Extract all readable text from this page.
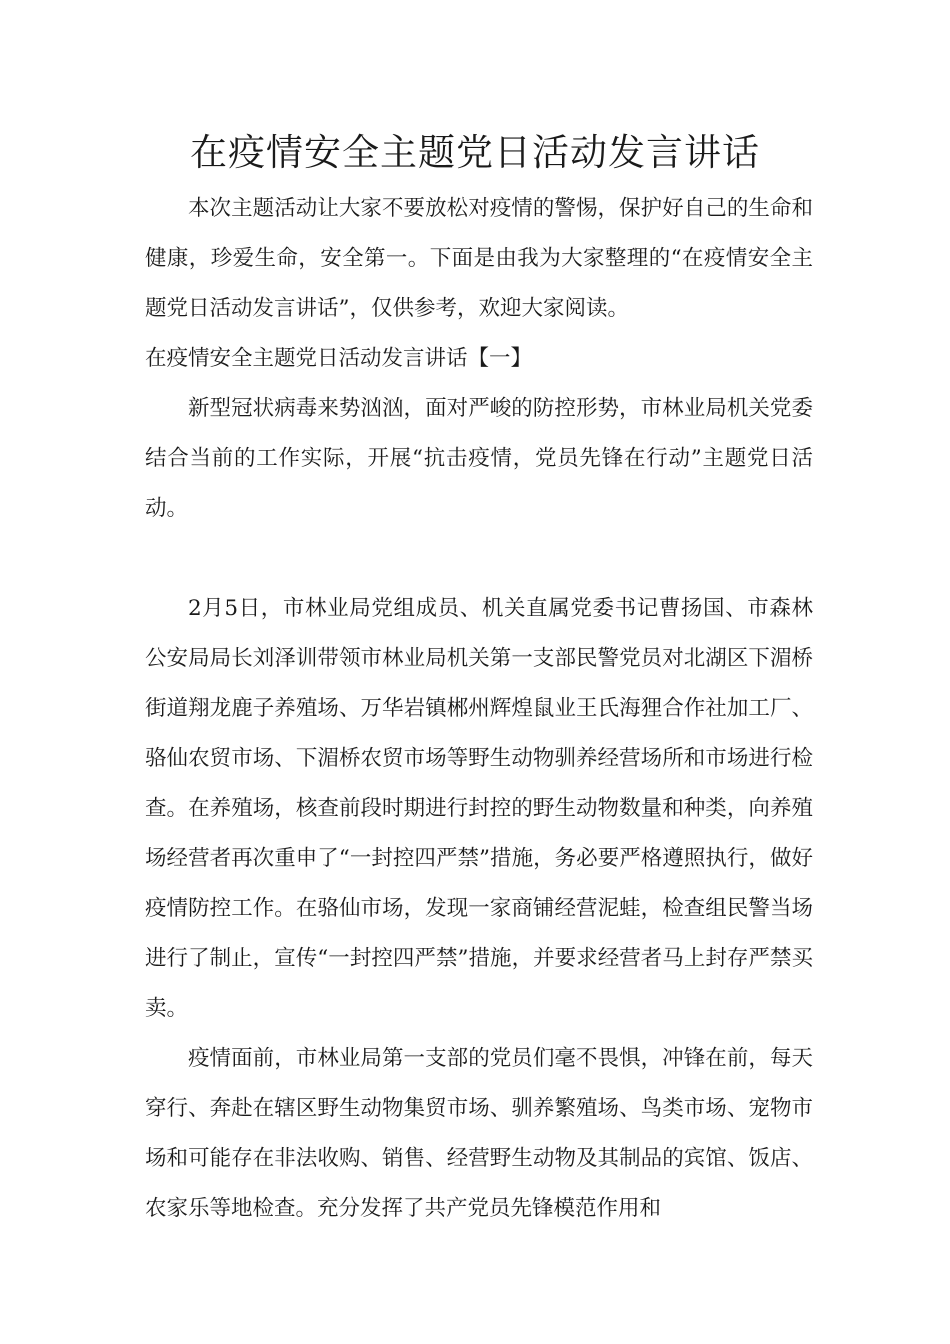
在疫情安全主题党日活动发言讲话

本次主题活动让大家不要放松对疫情的警惕，保护好自己的生命和健康，珍爱生命，安全第一。下面是由我为大家整理的“在疫情安全主题党日活动发言讲话”，仅供参考，欢迎大家阅读。

在疫情安全主题党日活动发言讲话【一】

新型冠状病毒来势汹汹，面对严峻的防控形势，市林业局机关党委结合当前的工作实际，开展“抗击疫情，党员先锋在行动”主题党日活动。

2月5日，市林业局党组成员、机关直属党委书记曹扬国、市森林公安局局长刘泽训带领市林业局机关第一支部民警党员对北湖区下湄桥街道翔龙鹿子养殖场、万华岩镇郴州辉煌鼠业王氏海狸合作社加工厂、骆仙农贸市场、下湄桥农贸市场等野生动物驯养经营场所和市场进行检查。在养殖场，核查前段时期进行封控的野生动物数量和种类，向养殖场经营者再次重申了“一封控四严禁”措施，务必要严格遵照执行，做好疫情防控工作。在骆仙市场，发现一家商铺经营泥蛙，检查组民警当场进行了制止，宣传“一封控四严禁”措施，并要求经营者马上封存严禁买卖。

疫情面前，市林业局第一支部的党员们毫不畏惧，冲锋在前，每天穿行、奔赴在辖区野生动物集贸市场、驯养繁殖场、鸟类市场、宠物市场和可能存在非法收购、销售、经营野生动物及其制品的宾馆、饭店、农家乐等地检查。充分发挥了共产党员先锋模范作用和
